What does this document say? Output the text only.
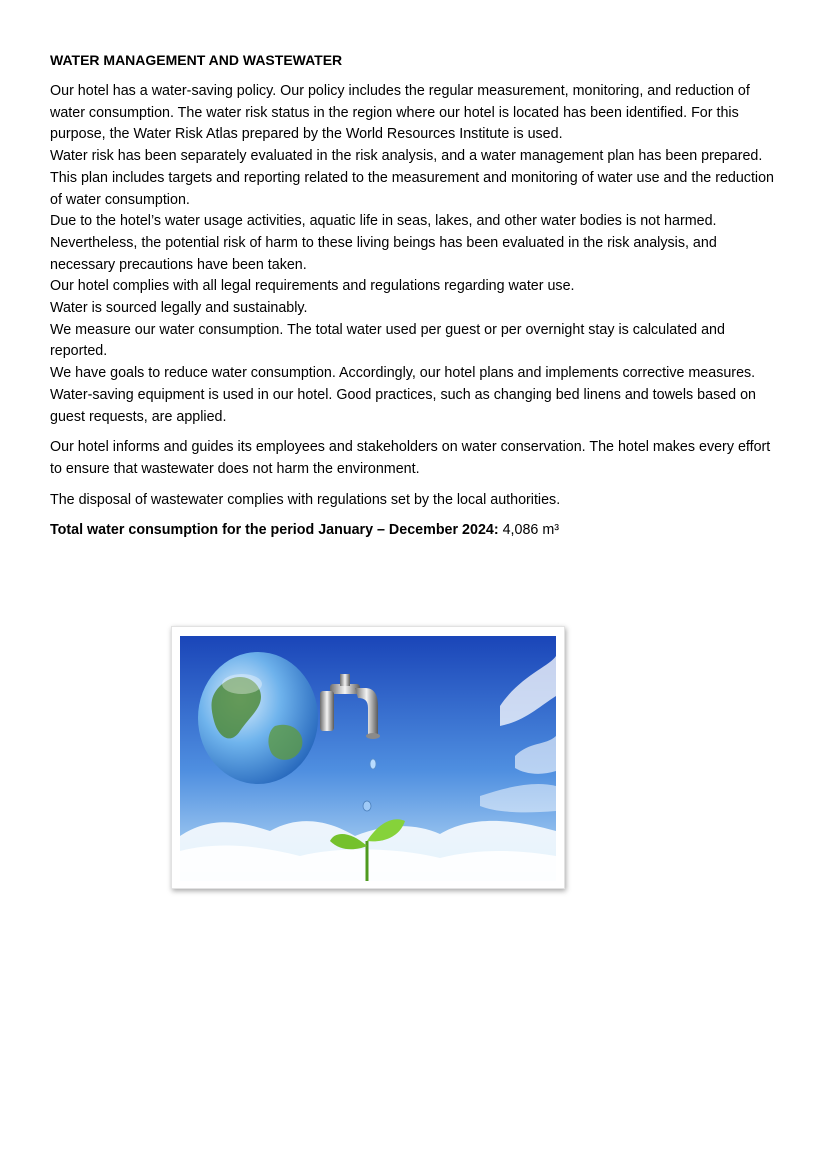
WATER MANAGEMENT AND WASTEWATER

Our hotel has a water-saving policy. Our policy includes the regular measurement, monitoring, and reduction of water consumption. The water risk status in the region where our hotel is located has been identified. For this purpose, the Water Risk Atlas prepared by the World Resources Institute is used.

Water risk has been separately evaluated in the risk analysis, and a water management plan has been prepared. This plan includes targets and reporting related to the measurement and monitoring of water use and the reduction of water consumption.

Due to the hotel’s water usage activities, aquatic life in seas, lakes, and other water bodies is not harmed. Nevertheless, the potential risk of harm to these living beings has been evaluated in the risk analysis, and necessary precautions have been taken.

Our hotel complies with all legal requirements and regulations regarding water use.

Water is sourced legally and sustainably.

We measure our water consumption. The total water used per guest or per overnight stay is calculated and reported.

We have goals to reduce water consumption. Accordingly, our hotel plans and implements corrective measures. Water-saving equipment is used in our hotel. Good practices, such as changing bed linens and towels based on guest requests, are applied.

Our hotel informs and guides its employees and stakeholders on water conservation. The hotel makes every effort to ensure that wastewater does not harm the environment.

The disposal of wastewater complies with regulations set by the local authorities.

Total water consumption for the period January – December 2024: 4,086 m³
